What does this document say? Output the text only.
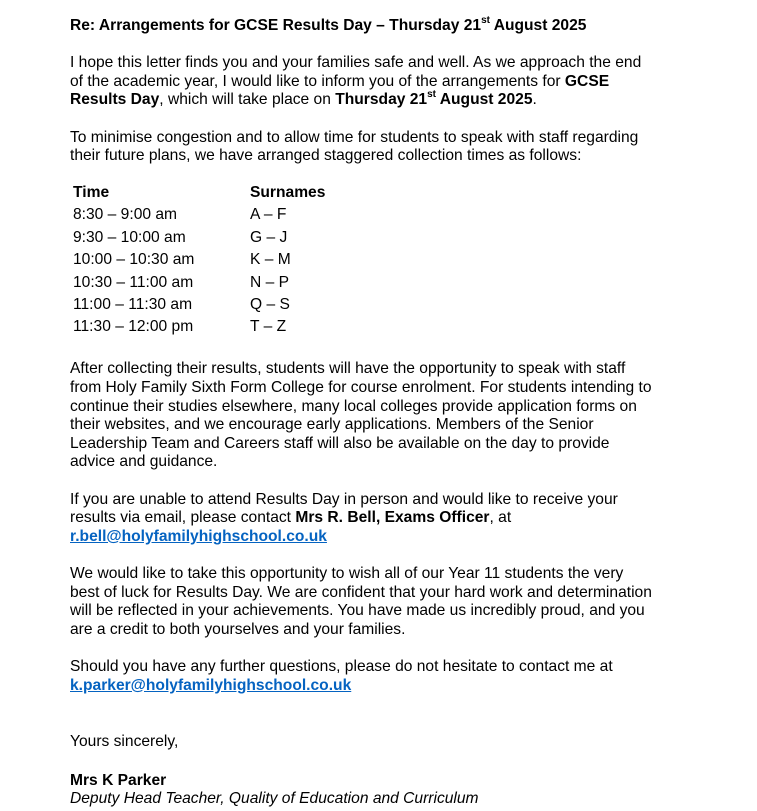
Re: Arrangements for GCSE Results Day – Thursday 21st August 2025
I hope this letter finds you and your families safe and well. As we approach the end
of the academic year, I would like to inform you of the arrangements for GCSE
Results Day, which will take place on Thursday 21st August 2025.
To minimise congestion and to allow time for students to speak with staff regarding
their future plans, we have arranged staggered collection times as follows:
Time	Surnames
8:30 – 9:00 am	A – F
9:30 – 10:00 am	G – J
10:00 – 10:30 am	K – M
10:30 – 11:00 am	N – P
11:00 – 11:30 am	Q – S
11:30 – 12:00 pm	T – Z
After collecting their results, students will have the opportunity to speak with staff
from Holy Family Sixth Form College for course enrolment. For students intending to
continue their studies elsewhere, many local colleges provide application forms on
their websites, and we encourage early applications. Members of the Senior
Leadership Team and Careers staff will also be available on the day to provide
advice and guidance.
If you are unable to attend Results Day in person and would like to receive your
results via email, please contact Mrs R. Bell, Exams Officer, at
r.bell@holyfamilyhighschool.co.uk
We would like to take this opportunity to wish all of our Year 11 students the very
best of luck for Results Day. We are confident that your hard work and determination
will be reflected in your achievements. You have made us incredibly proud, and you
are a credit to both yourselves and your families.
Should you have any further questions, please do not hesitate to contact me at
k.parker@holyfamilyhighschool.co.uk
Yours sincerely,
Mrs K Parker
Deputy Head Teacher, Quality of Education and Curriculum
